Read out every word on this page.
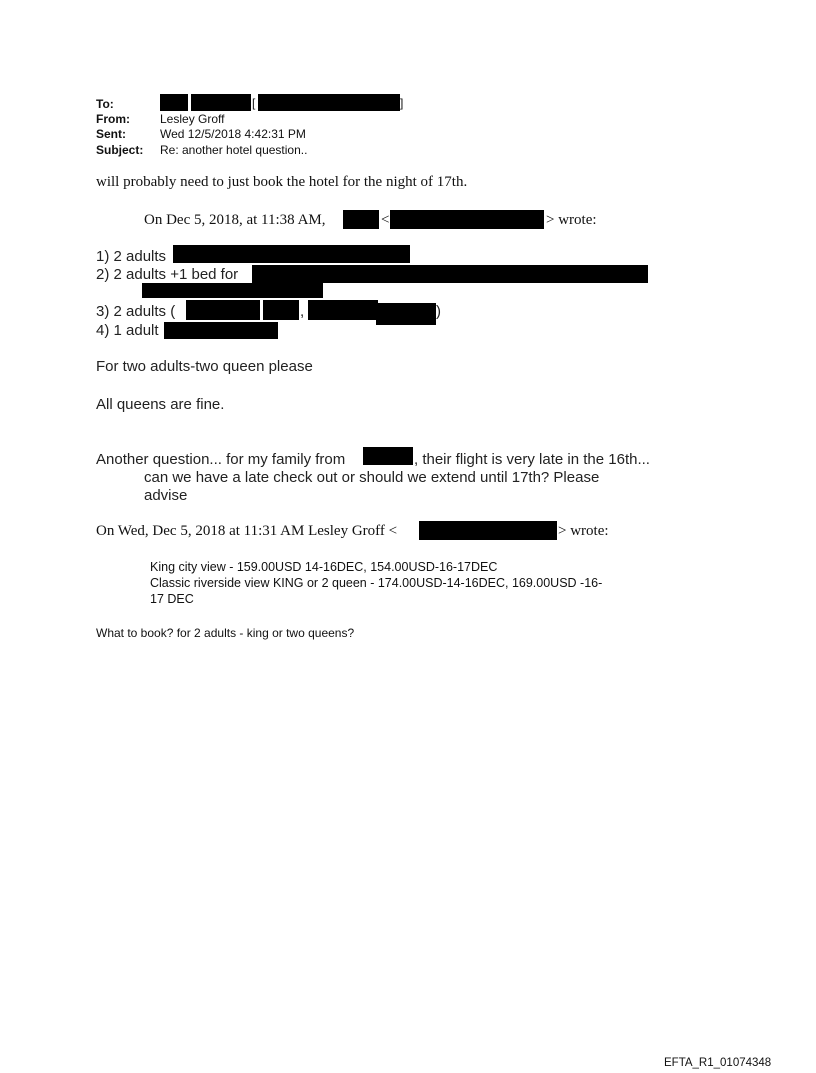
To:	[	]
From:	Lesley Groff
Sent:	Wed 12/5/2018 4:42:31 PM
Subject: Re: another hotel question..
will probably need to just book the hotel for the night of 17th.
On Dec 5, 2018, at 11:38 AM,	<	> wrote:
1) 2 adults
2) 2 adults +1 bed for
3) 2 adults (	,	)
4) 1 adult
For two adults-two queen please
All queens are fine.
Another question... for my family from	, their flight is very late in the 16th...
can we have a late check out or should we extend until 17th? Please
advise
On Wed, Dec 5, 2018 at 11:31 AM Lesley Groff <	> wrote:
King city view - 159.00USD 14-16DEC, 154.00USD-16-17DEC
Classic riverside view KING or 2 queen - 174.00USD-14-16DEC, 169.00USD -16-
17 DEC
What to book? for 2 adults - king or two queens?
EFTA_R1_01074348
